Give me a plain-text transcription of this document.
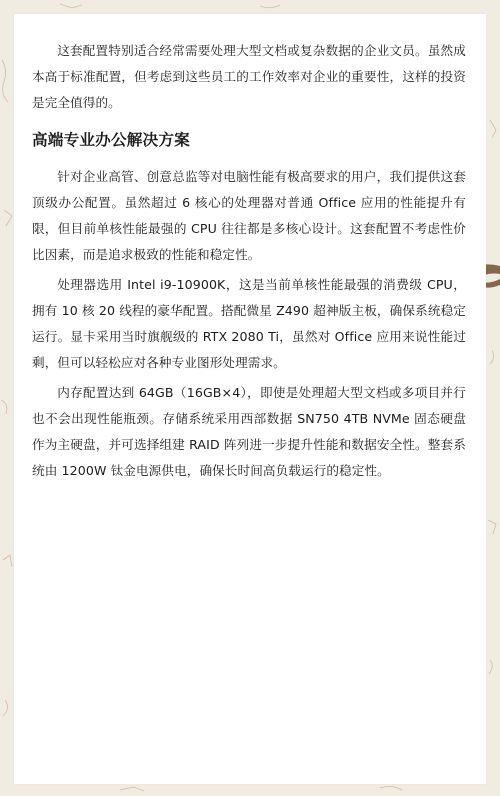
这套配置特别适合经常需要处理大型文档或复杂数据的企业文员。虽然成本高于标准配置，但考虑到这些员工的工作效率对企业的重要性，这样的投资是完全值得的。

高端专业办公解决方案

针对企业高管、创意总监等对电脑性能有极高要求的用户，我们提供这套顶级办公配置。虽然超过 6 核心的处理器对普通 Office 应用的性能提升有限，但目前单核性能最强的 CPU 往往都是多核心设计。这套配置不考虑性价比因素，而是追求极致的性能和稳定性。

处理器选用 Intel i9-10900K，这是当前单核性能最强的消费级 CPU，拥有 10 核 20 线程的豪华配置。搭配微星 Z490 超神版主板，确保系统稳定运行。显卡采用当时旗舰级的 RTX 2080 Ti，虽然对 Office 应用来说性能过剩，但可以轻松应对各种专业图形处理需求。

内存配置达到 64GB（16GB×4），即使是处理超大型文档或多项目并行也不会出现性能瓶颈。存储系统采用西部数据 SN750 4TB NVMe 固态硬盘作为主硬盘，并可选择组建 RAID 阵列进一步提升性能和数据安全性。整套系统由 1200W 钛金电源供电，确保长时间高负载运行的稳定性。
